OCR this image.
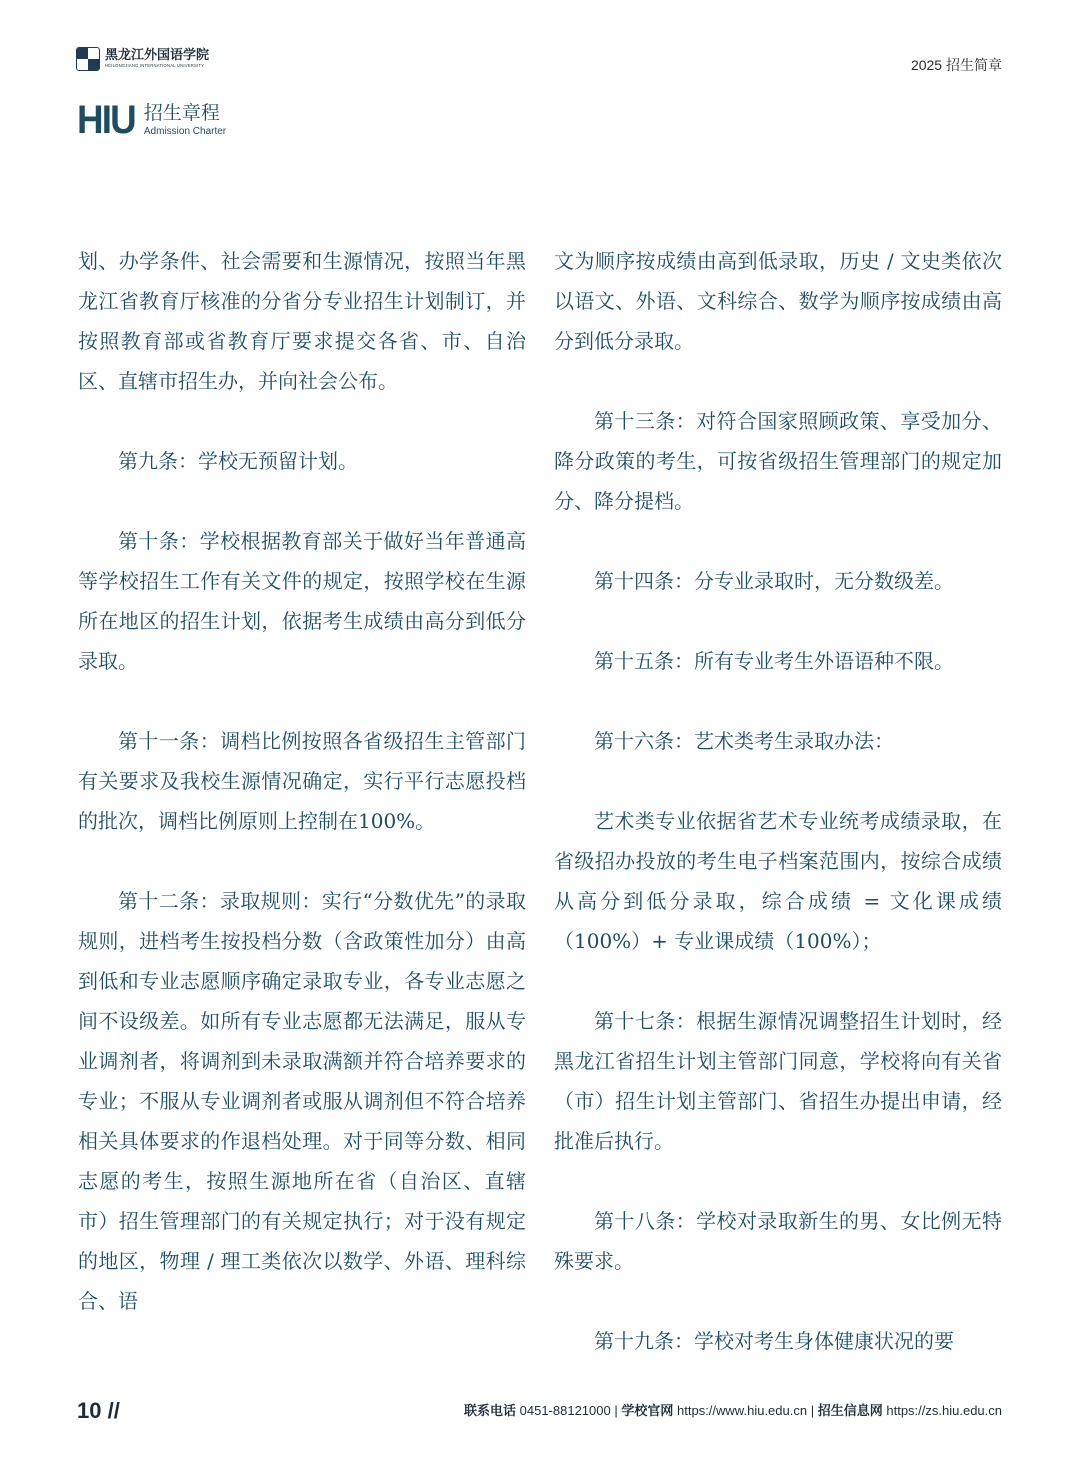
黑龙江外国语学院
HEILONGJIANG INTERNATIONAL UNIVERSITY	2025 招生简章
HIU 招生章程
Admission Charter

划、办学条件、社会需要和生源情况，按照当年黑龙江省教育厅核准的分省分专业招生计划制订，并按照教育部或省教育厅要求提交各省、市、自治区、直辖市招生办，并向社会公布。

第九条：学校无预留计划。

第十条：学校根据教育部关于做好当年普通高等学校招生工作有关文件的规定，按照学校在生源所在地区的招生计划，依据考生成绩由高分到低分录取。

第十一条：调档比例按照各省级招生主管部门有关要求及我校生源情况确定，实行平行志愿投档的批次，调档比例原则上控制在100%。

第十二条：录取规则：实行“分数优先”的录取规则，进档考生按投档分数（含政策性加分）由高到低和专业志愿顺序确定录取专业，各专业志愿之间不设级差。如所有专业志愿都无法满足，服从专业调剂者，将调剂到未录取满额并符合培养要求的专业；不服从专业调剂者或服从调剂但不符合培养相关具体要求的作退档处理。对于同等分数、相同志愿的考生，按照生源地所在省（自治区、直辖市）招生管理部门的有关规定执行；对于没有规定的地区，物理 / 理工类依次以数学、外语、理科综合、语

文为顺序按成绩由高到低录取，历史 / 文史类依次以语文、外语、文科综合、数学为顺序按成绩由高分到低分录取。

第十三条：对符合国家照顾政策、享受加分、降分政策的考生，可按省级招生管理部门的规定加分、降分提档。

第十四条：分专业录取时，无分数级差。

第十五条：所有专业考生外语语种不限。

第十六条：艺术类考生录取办法：

艺术类专业依据省艺术专业统考成绩录取，在省级招办投放的考生电子档案范围内，按综合成绩从高分到低分录取，综合成绩 = 文化课成绩（100%）+ 专业课成绩（100%）；

第十七条：根据生源情况调整招生计划时，经黑龙江省招生计划主管部门同意，学校将向有关省（市）招生计划主管部门、省招生办提出申请，经批准后执行。

第十八条：学校对录取新生的男、女比例无特殊要求。

第十九条：学校对考生身体健康状况的要

10 //	联系电话 0451-88121000 | 学校官网 https://www.hiu.edu.cn | 招生信息网 https://zs.hiu.edu.cn
